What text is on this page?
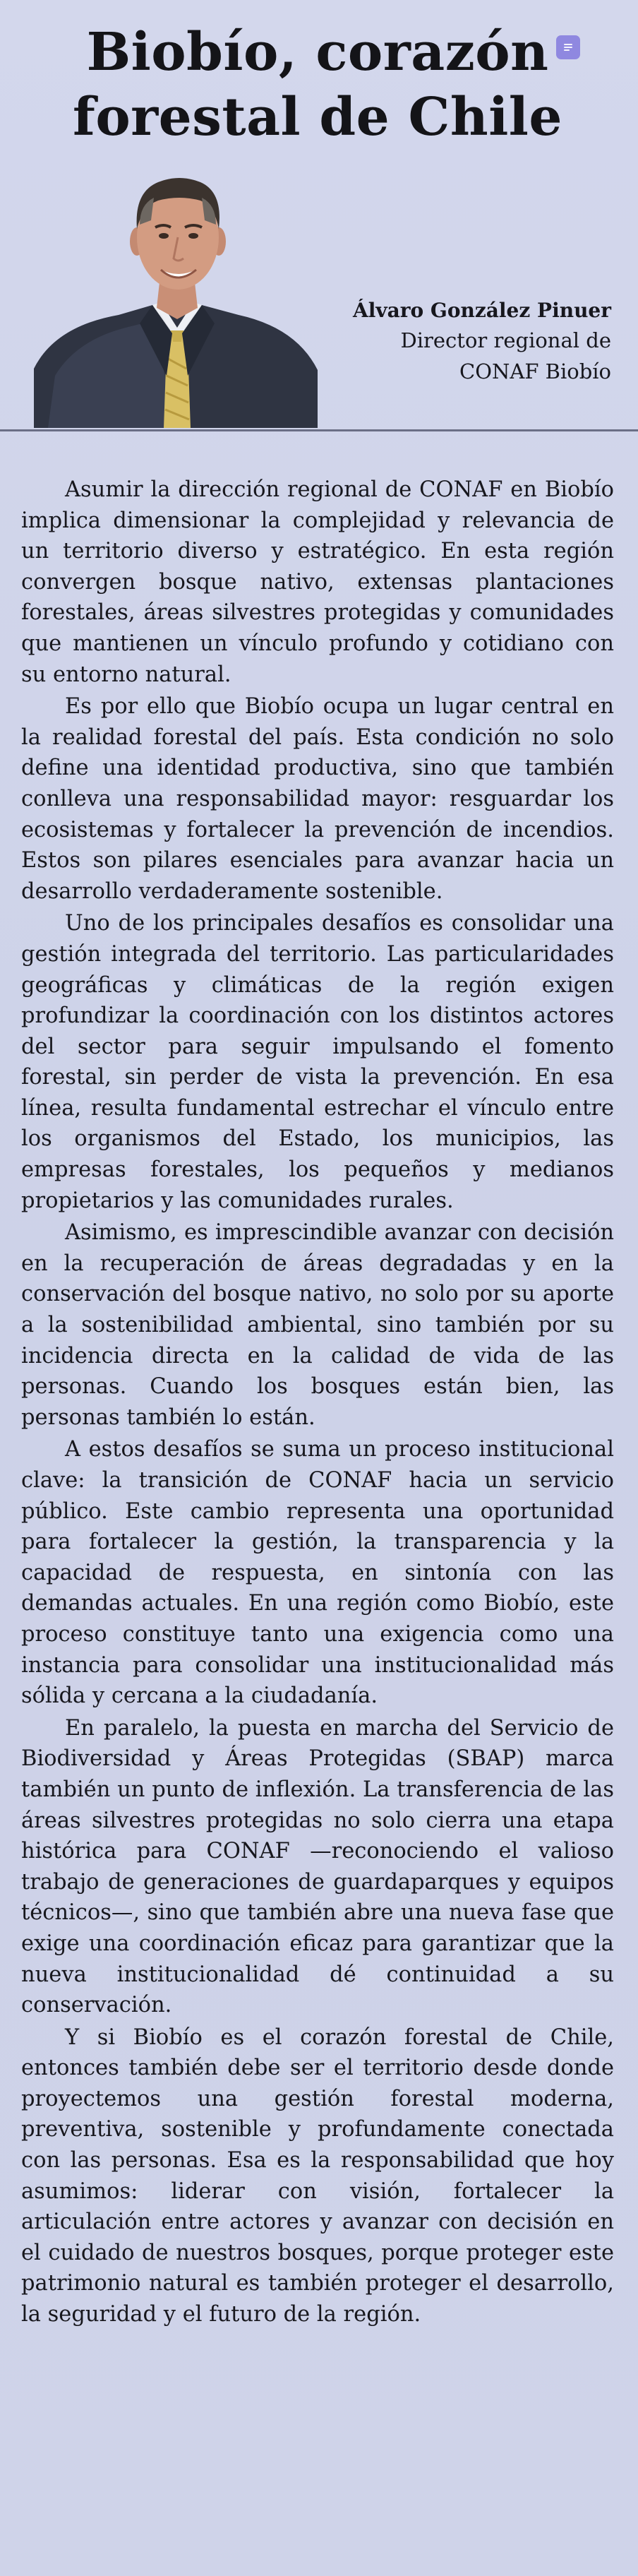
Biobío, corazón
forestal de Chile
Álvaro González Pinuer
Director regional de
CONAF Biobío

Asumir la dirección regional de CONAF en Biobío implica dimensionar la complejidad y relevancia de un territorio diverso y estratégico. En esta región convergen bosque nativo, extensas plantaciones forestales, áreas silvestres protegidas y comunidades que mantienen un vínculo profundo y cotidiano con su entorno natural.

Es por ello que Biobío ocupa un lugar central en la realidad forestal del país. Esta condición no solo define una identidad productiva, sino que también conlleva una responsabilidad mayor: resguardar los ecosistemas y fortalecer la prevención de incendios. Estos son pilares esenciales para avanzar hacia un desarrollo verdaderamente sostenible.

Uno de los principales desafíos es consolidar una gestión integrada del territorio. Las particularidades geográficas y climáticas de la región exigen profundizar la coordinación con los distintos actores del sector para seguir impulsando el fomento forestal, sin perder de vista la prevención. En esa línea, resulta fundamental estrechar el vínculo entre los organismos del Estado, los municipios, las empresas forestales, los pequeños y medianos propietarios y las comunidades rurales.

Asimismo, es imprescindible avanzar con decisión en la recuperación de áreas degradadas y en la conservación del bosque nativo, no solo por su aporte a la sostenibilidad ambiental, sino también por su incidencia directa en la calidad de vida de las personas. Cuando los bosques están bien, las personas también lo están.

A estos desafíos se suma un proceso institucional clave: la transición de CONAF hacia un servicio público. Este cambio representa una oportunidad para fortalecer la gestión, la transparencia y la capacidad de respuesta, en sintonía con las demandas actuales. En una región como Biobío, este proceso constituye tanto una exigencia como una instancia para consolidar una institucionalidad más sólida y cercana a la ciudadanía.

En paralelo, la puesta en marcha del Servicio de Biodiversidad y Áreas Protegidas (SBAP) marca también un punto de inflexión. La transferencia de las áreas silvestres protegidas no solo cierra una etapa histórica para CONAF —reconociendo el valioso trabajo de generaciones de guardaparques y equipos técnicos—, sino que también abre una nueva fase que exige una coordinación eficaz para garantizar que la nueva institucionalidad dé continuidad a su conservación.

Y si Biobío es el corazón forestal de Chile, entonces también debe ser el territorio desde donde proyectemos una gestión forestal moderna, preventiva, sostenible y profundamente conectada con las personas. Esa es la responsabilidad que hoy asumimos: liderar con visión, fortalecer la articulación entre actores y avanzar con decisión en el cuidado de nuestros bosques, porque proteger este patrimonio natural es también proteger el desarrollo, la seguridad y el futuro de la región.
